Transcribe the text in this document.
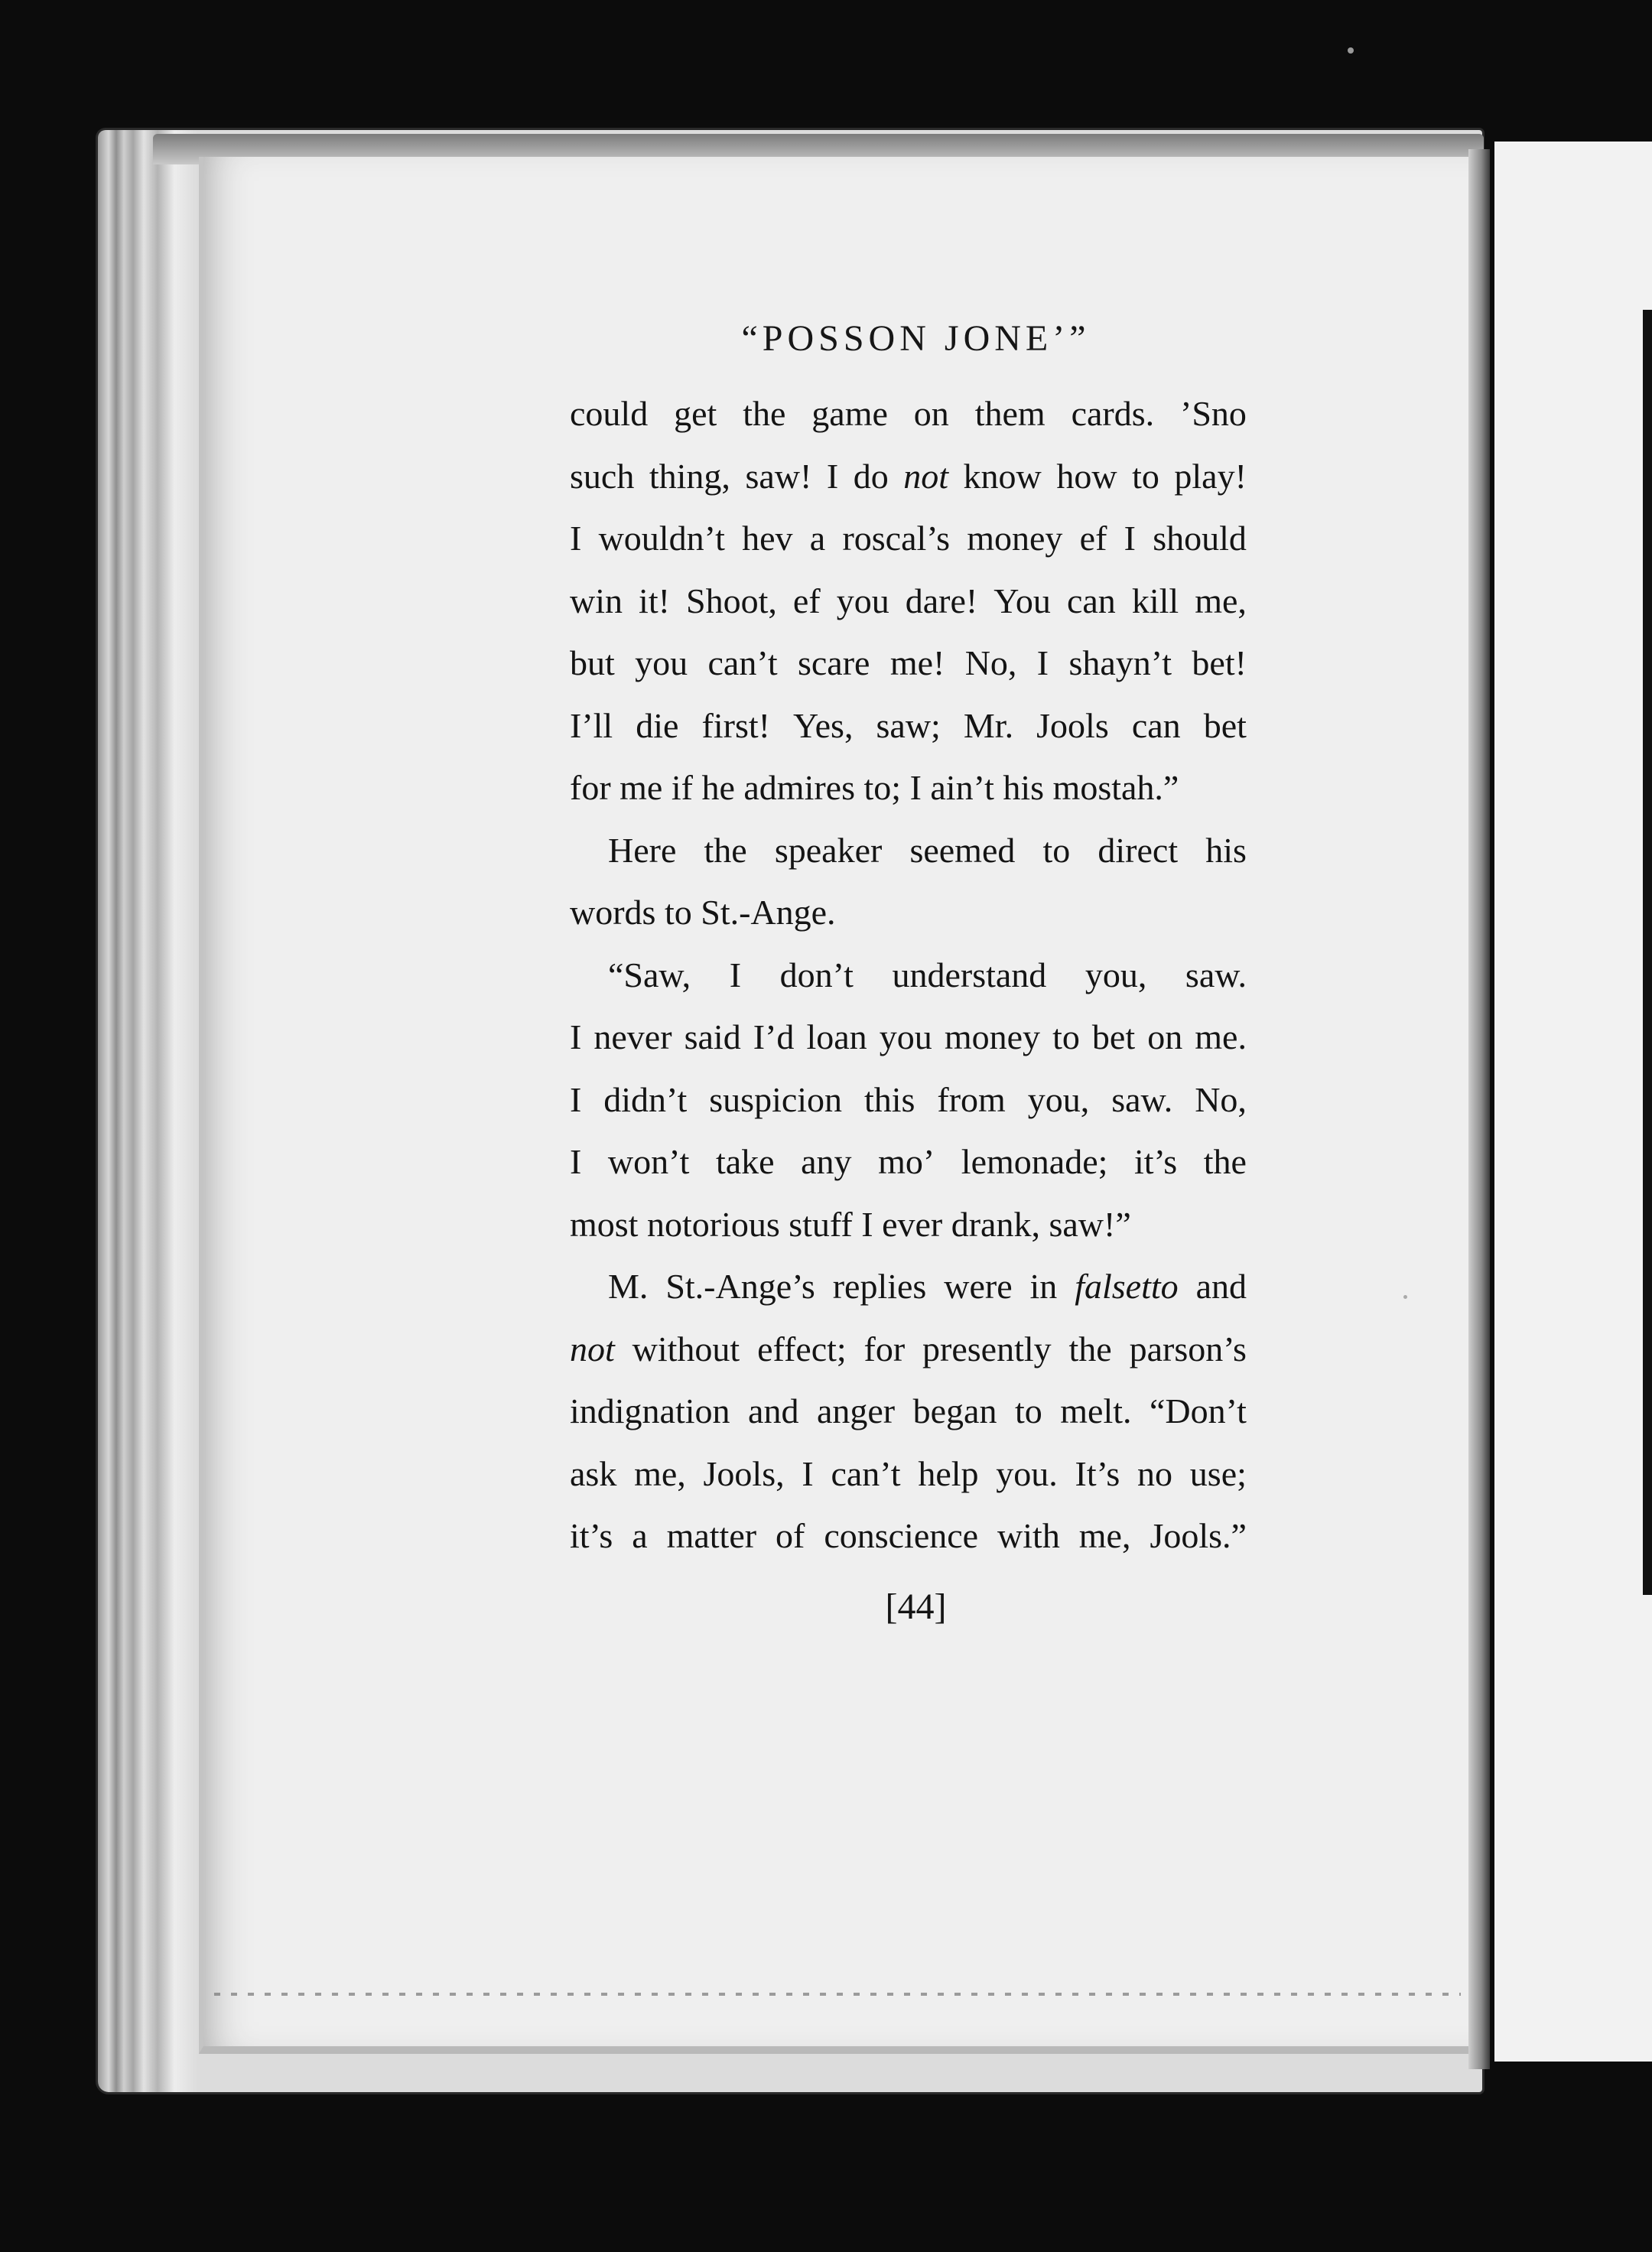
“POSSON JONE’”
could get the game on them cards. ’Sno
such thing, saw! I do not know how to play!
I wouldn’t hev a roscal’s money ef I should
win it! Shoot, ef you dare! You can kill me,
but you can’t scare me! No, I shayn’t bet!
I’ll die first! Yes, saw; Mr. Jools can bet
for me if he admires to; I ain’t his mostah.”
Here the speaker seemed to direct his
words to St.-Ange.
“Saw, I don’t understand you, saw.
I never said I’d loan you money to bet on me.
I didn’t suspicion this from you, saw. No,
I won’t take any mo’ lemonade; it’s the
most notorious stuff I ever drank, saw!”
M. St.-Ange’s replies were in falsetto and
not without effect; for presently the parson’s
indignation and anger began to melt. “Don’t
ask me, Jools, I can’t help you. It’s no use;
it’s a matter of conscience with me, Jools.”
[44]
